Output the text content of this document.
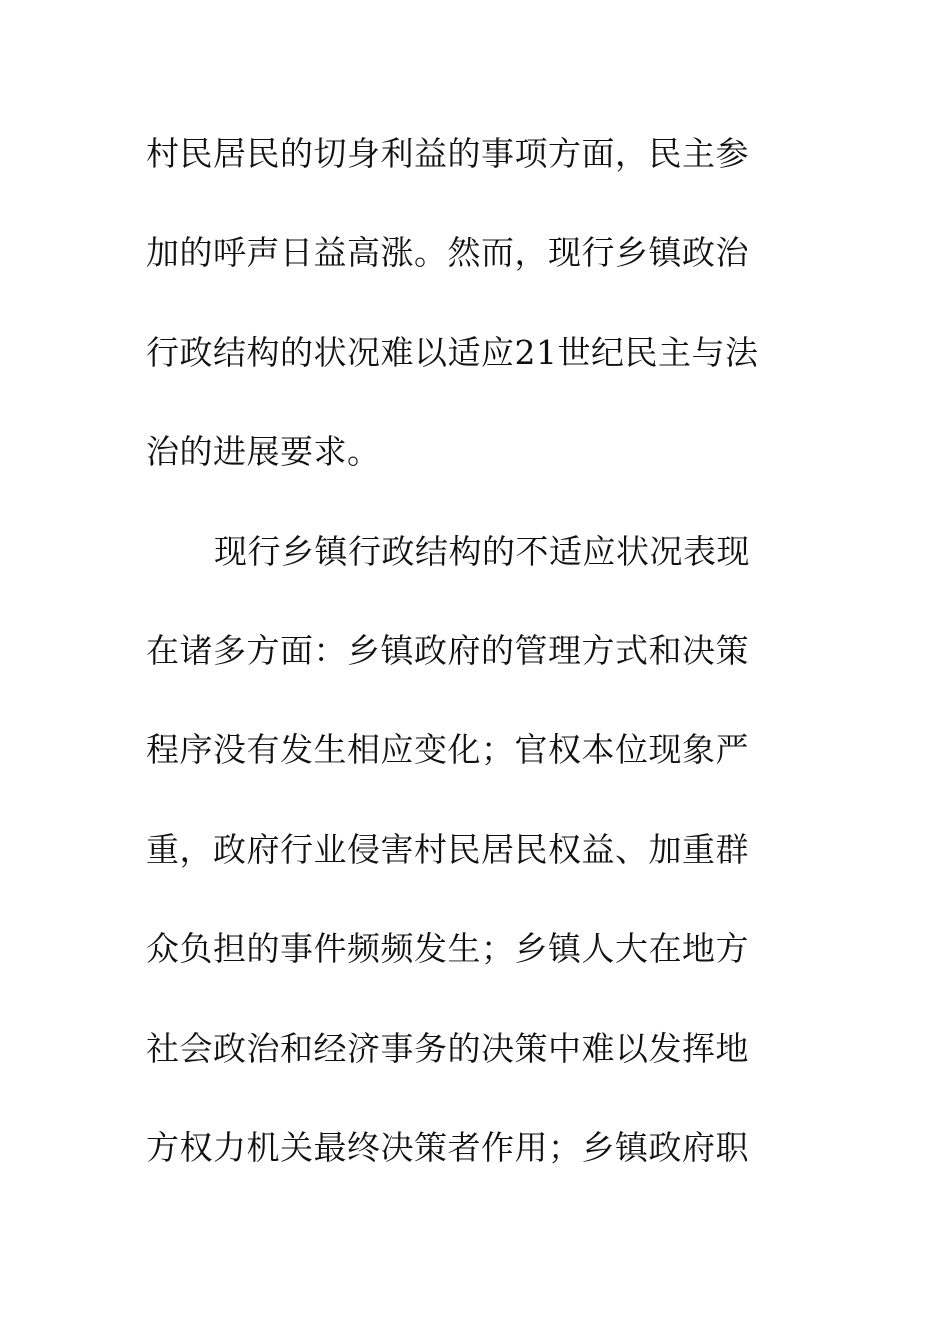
村民居民的切身利益的事项方面，民主参
加的呼声日益高涨。然而，现行乡镇政治
行政结构的状况难以适应21世纪民主与法
治的进展要求。
现行乡镇行政结构的不适应状况表现
在诸多方面：乡镇政府的管理方式和决策
程序没有发生相应变化；官权本位现象严
重，政府行业侵害村民居民权益、加重群
众负担的事件频频发生；乡镇人大在地方
社会政治和经济事务的决策中难以发挥地
方权力机关最终决策者作用；乡镇政府职
